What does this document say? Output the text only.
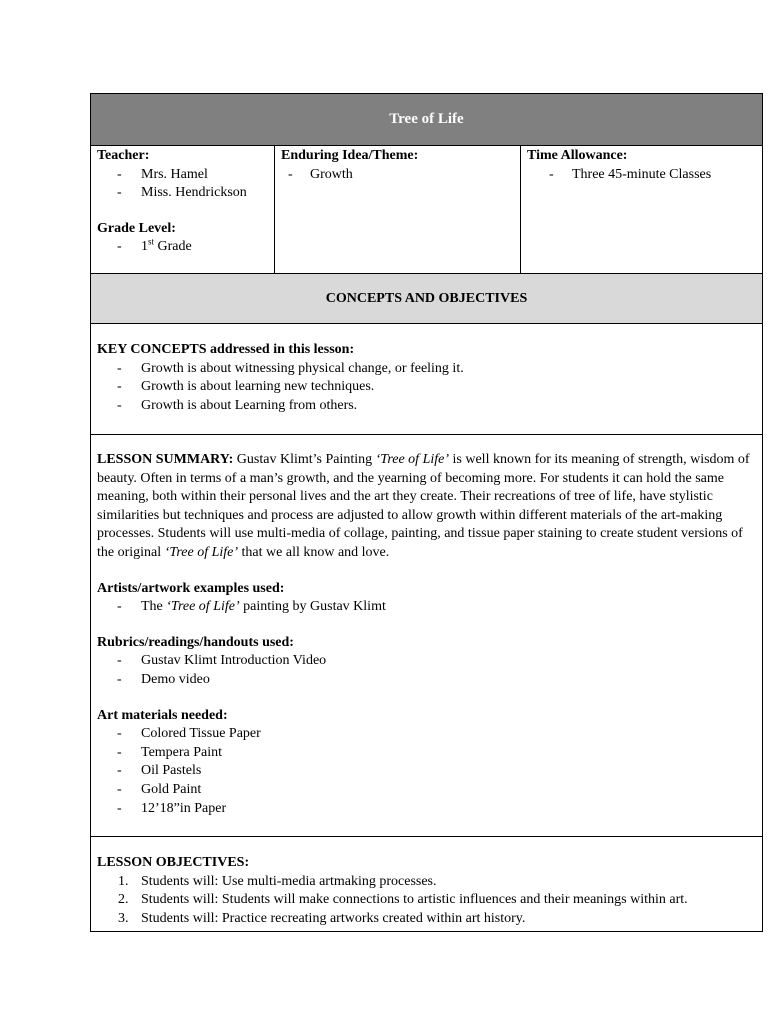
Tree of Life
Teacher:
- Mrs. Hamel
- Miss. Hendrickson
Grade Level:
- 1st Grade
Enduring Idea/Theme:
- Growth
Time Allowance:
- Three 45-minute Classes
CONCEPTS AND OBJECTIVES
KEY CONCEPTS addressed in this lesson:
- Growth is about witnessing physical change, or feeling it.
- Growth is about learning new techniques.
- Growth is about Learning from others.

LESSON SUMMARY: Gustav Klimt’s Painting ‘Tree of Life’ is well known for its meaning of strength, wisdom of beauty. Often in terms of a man’s growth, and the yearning of becoming more. For students it can hold the same meaning, both within their personal lives and the art they create. Their recreations of tree of life, have stylistic similarities but techniques and process are adjusted to allow growth within different materials of the art-making processes. Students will use multi-media of collage, painting, and tissue paper staining to create student versions of the original ‘Tree of Life’ that we all know and love.

Artists/artwork examples used:
- The ‘Tree of Life’ painting by Gustav Klimt
Rubrics/readings/handouts used:
- Gustav Klimt Introduction Video
- Demo video
Art materials needed:
- Colored Tissue Paper
- Tempera Paint
- Oil Pastels
- Gold Paint
- 12’18”in Paper
LESSON OBJECTIVES:
1. Students will: Use multi-media artmaking processes.
2. Students will: Students will make connections to artistic influences and their meanings within art.
3. Students will: Practice recreating artworks created within art history.
